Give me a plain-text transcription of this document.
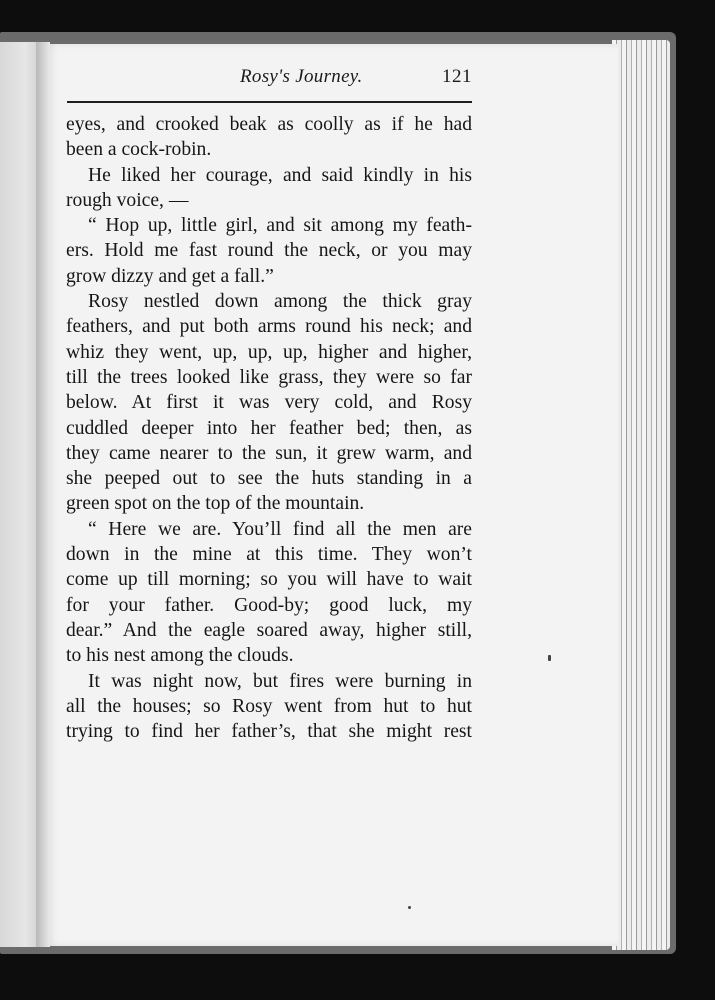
Rosy's Journey.	121
eyes, and crooked beak as coolly as if he had
been a cock-robin.
He liked her courage, and said kindly in his
rough voice, —
“ Hop up, little girl, and sit among my feath-
ers. Hold me fast round the neck, or you may
grow dizzy and get a fall.”
Rosy nestled down among the thick gray
feathers, and put both arms round his neck; and
whiz they went, up, up, up, higher and higher,
till the trees looked like grass, they were so far
below. At first it was very cold, and Rosy
cuddled deeper into her feather bed; then, as
they came nearer to the sun, it grew warm, and
she peeped out to see the huts standing in a
green spot on the top of the mountain.
“ Here we are. You’ll find all the men are
down in the mine at this time. They won’t
come up till morning; so you will have to wait
for your father. Good-by; good luck, my
dear.” And the eagle soared away, higher still,
to his nest among the clouds.
It was night now, but fires were burning in
all the houses; so Rosy went from hut to hut
trying to find her father’s, that she might rest
